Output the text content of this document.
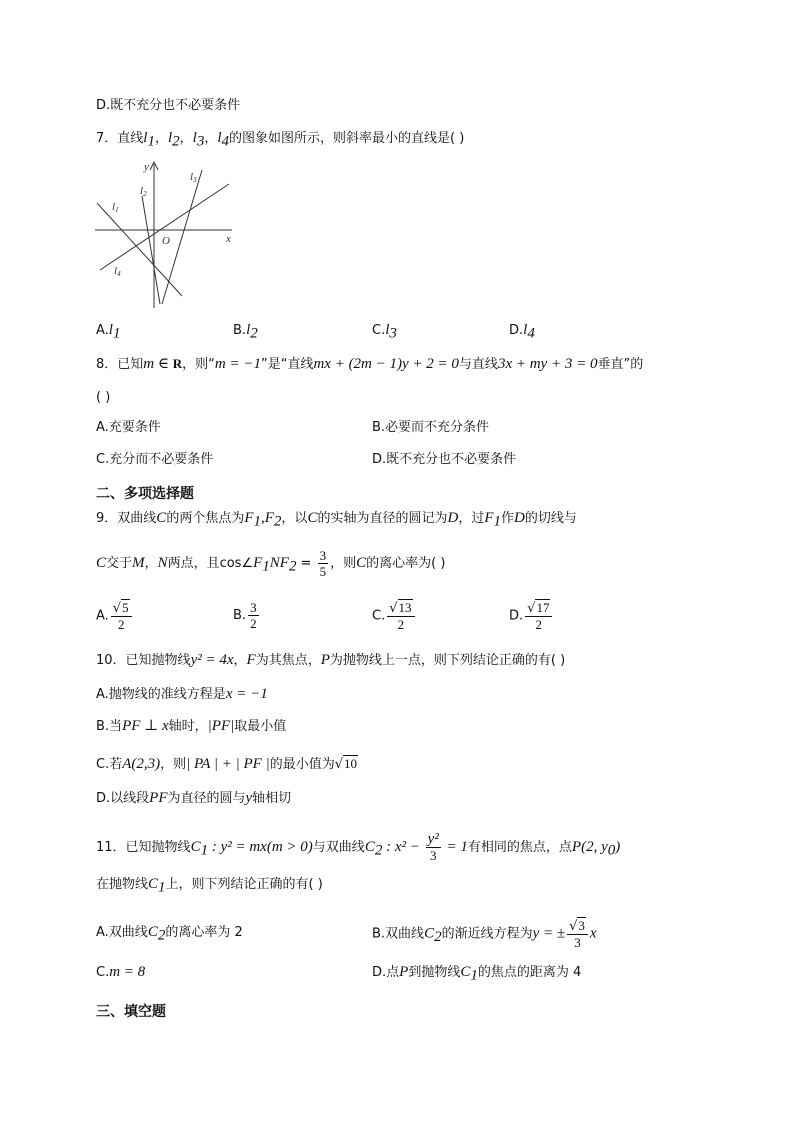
D.既不充分也不必要条件
7．直线$l_1$，$l_2$，$l_3$，$l_4$的图象如图所示，则斜率最小的直线是( )
y
x
O
l1
l2
l3
l4
$A.l_1$	$B.l_2$	$C.l_3$	$D.l_4$
8．已知m ∈ R，则“m = −1”是“直线mx + (2m − 1)y + 2 = 0与直线3x + my + 3 = 0垂直”的
( )
A.充要条件	B.必要而不充分条件
C.充分而不必要条件	D.既不充分也不必要条件
二、多项选择题
9．双曲线C的两个焦点为$F_1,F_2$，以C的实轴为直径的圆记为D，过$F_1$作D的切线与
C交于M，N两点，且$\cos\angle F_1NF_2 = \frac{3}{5}$ ，则C的离心率为( )
A. $\frac{√5}{2}$	B. $\frac{3}{2}$	C. $\frac{√13}{2}$	D. $\frac{√17}{2}$
10．已知抛物线y² = 4x，F为其焦点，P为抛物线上一点，则下列结论正确的有( )
A.抛物线的准线方程是x = −1
B.当PF ⊥ x轴时，|PF|取最小值
C.若A(2,3)，则| PA | + | PF |的最小值为√10
D.以线段PF为直径的圆与y轴相切
11．已知抛物线$C_1$ : y² = mx(m > 0)与双曲线$C_2$ : $x^2 - \frac{\text{y²}}{3} = 1$有相同的焦点，点P(2, $y_0$)
在抛物线$C_1$上，则下列结论正确的有( )
A.双曲线$C_2$的离心率为 2	B.双曲线$C_2$的渐近线方程为y = ± $\frac{√3}{3}$ x
C.m = 8	D.点P到抛物线$C_1$的焦点的距离为 4
三、填空题
